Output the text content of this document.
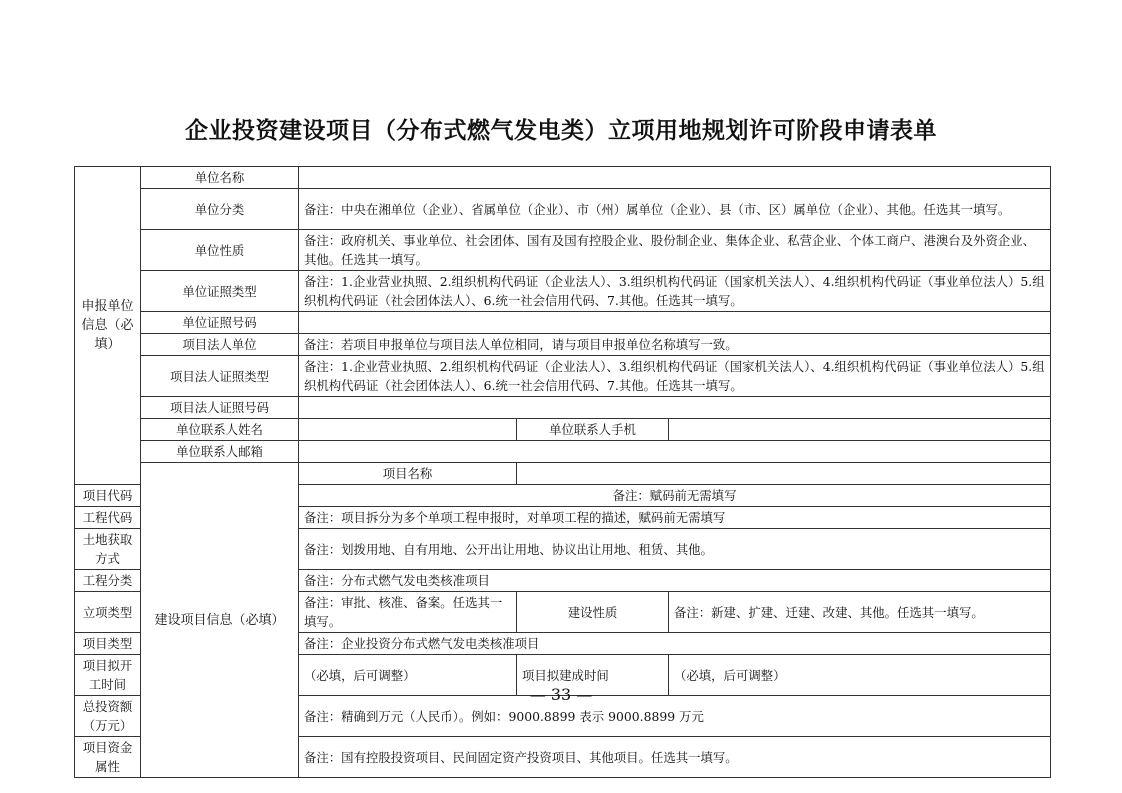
企业投资建设项目（分布式燃气发电类）立项用地规划许可阶段申请表单
申报单位信息（必填）	单位名称			
	单位分类	备注：中央在湘单位（企业）、省属单位（企业）、市（州）属单位（企业）、县（市、区）属单位（企业）、其他。任选其一填写。		
	单位性质	备注：政府机关、事业单位、社会团体、国有及国有控股企业、股份制企业、集体企业、私营企业、个体工商户、港澳台及外资企业、其他。任选其一填写。		
	单位证照类型	备注：1.企业营业执照、2.组织机构代码证（企业法人）、3.组织机构代码证（国家机关法人）、4.组织机构代码证（事业单位法人）5.组织机构代码证（社会团体法人）、6.统一社会信用代码、7.其他。任选其一填写。		
	单位证照号码			
	项目法人单位	备注：若项目申报单位与项目法人单位相同，请与项目申报单位名称填写一致。		
	项目法人证照类型	备注：1.企业营业执照、2.组织机构代码证（企业法人）、3.组织机构代码证（国家机关法人）、4.组织机构代码证（事业单位法人）5.组织机构代码证（社会团体法人）、6.统一社会信用代码、7.其他。任选其一填写。		
	项目法人证照号码			
	单位联系人姓名		单位联系人手机	
	单位联系人邮箱			
	建设项目信息（必填）	项目名称		
项目代码		备注：赋码前无需填写		
工程代码		备注：项目拆分为多个单项工程申报时，对单项工程的描述，赋码前无需填写		
土地获取方式		备注：划拨用地、自有用地、公开出让用地、协议出让用地、租赁、其他。		
工程分类		备注：分布式燃气发电类核准项目		
立项类型		备注：审批、核准、备案。任选其一填写。	建设性质	备注：新建、扩建、迁建、改建、其他。任选其一填写。
项目类型		备注：企业投资分布式燃气发电类核准项目		
项目拟开工时间		（必填，后可调整）	项目拟建成时间	（必填，后可调整）
总投资额（万元）		备注：精确到万元（人民币）。例如：9000.8899 表示 9000.8899 万元		
项目资金属性		备注：国有控股投资项目、民间固定资产投资项目、其他项目。任选其一填写。		
— 33 —
